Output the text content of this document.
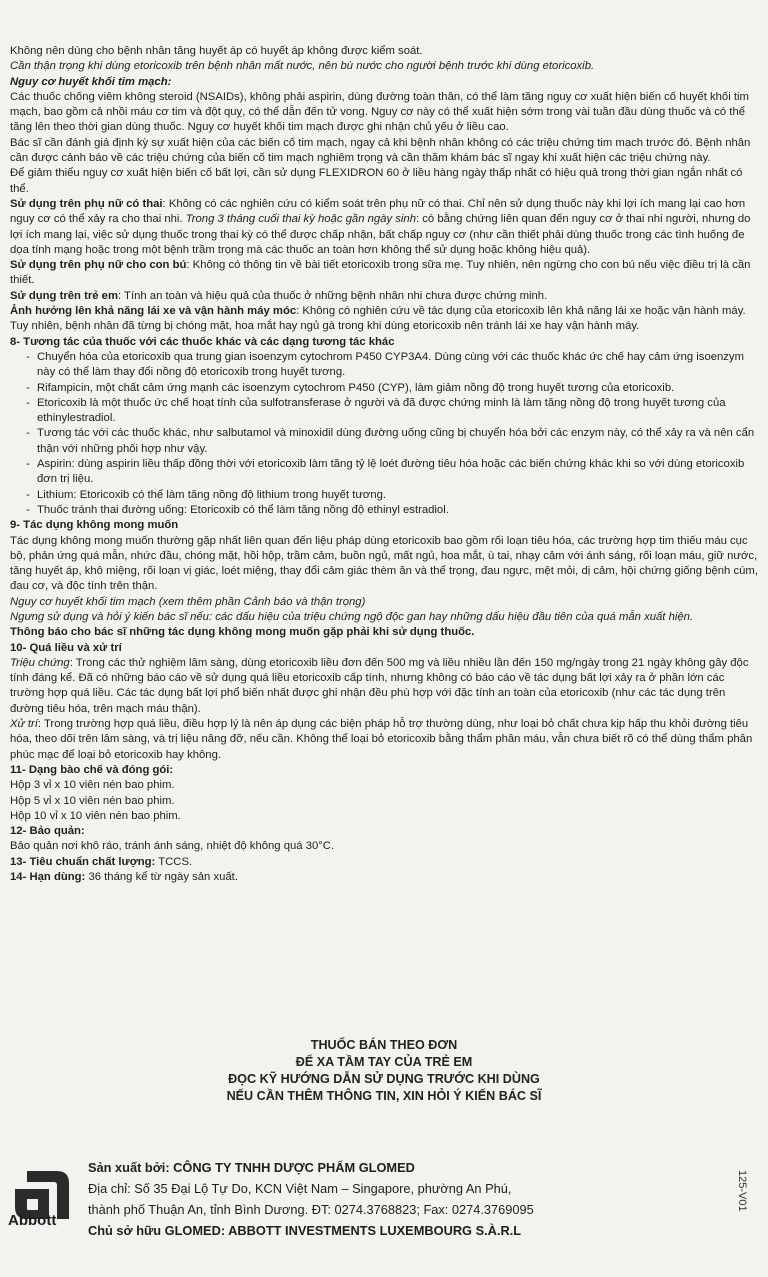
Không nên dùng cho bệnh nhân tăng huyết áp có huyết áp không được kiểm soát.

Cần thận trọng khi dùng etoricoxib trên bệnh nhân mất nước, nên bù nước cho người bệnh trước khi dùng etoricoxib.

Nguy cơ huyết khối tim mạch:

Các thuốc chống viêm không steroid (NSAIDs), không phải aspirin, dùng đường toàn thân, có thể làm tăng nguy cơ xuất hiện biến cố huyết khối tim mạch, bao gồm cả nhồi máu cơ tim và đột quỵ, có thể dẫn đến tử vong. Nguy cơ này có thể xuất hiện sớm trong vài tuần đầu dùng thuốc và có thể tăng lên theo thời gian dùng thuốc. Nguy cơ huyết khối tim mạch được ghi nhận chủ yếu ở liều cao.

Bác sĩ cần đánh giá định kỳ sự xuất hiện của các biến cố tim mạch, ngay cả khi bệnh nhân không có các triệu chứng tim mạch trước đó. Bệnh nhân cần được cảnh báo về các triệu chứng của biến cố tim mạch nghiêm trọng và cần thăm khám bác sĩ ngay khi xuất hiện các triệu chứng này.

Để giảm thiểu nguy cơ xuất hiện biến cố bất lợi, cần sử dụng FLEXIDRON 60 ở liều hàng ngày thấp nhất có hiệu quả trong thời gian ngắn nhất có thể.

Sử dụng trên phụ nữ có thai: Không có các nghiên cứu có kiểm soát trên phụ nữ có thai. Chỉ nên sử dụng thuốc này khi lợi ích mang lại cao hơn nguy cơ có thể xảy ra cho thai nhi. Trong 3 tháng cuối thai kỳ hoặc gần ngày sinh: có bằng chứng liên quan đến nguy cơ ở thai nhi người, nhưng do lợi ích mang lại, việc sử dụng thuốc trong thai kỳ có thể được chấp nhận, bất chấp nguy cơ (như cần thiết phải dùng thuốc trong các tình huống đe dọa tính mạng hoặc trong một bệnh trầm trọng mà các thuốc an toàn hơn không thể sử dụng hoặc không hiệu quả).

Sử dụng trên phụ nữ cho con bú: Không có thông tin về bài tiết etoricoxib trong sữa mẹ. Tuy nhiên, nên ngừng cho con bú nếu việc điều trị là cần thiết.

Sử dụng trên trẻ em: Tính an toàn và hiệu quả của thuốc ở những bệnh nhân nhi chưa được chứng minh.

Ảnh hưởng lên khả năng lái xe và vận hành máy móc: Không có nghiên cứu về tác dụng của etoricoxib lên khả năng lái xe hoặc vận hành máy. Tuy nhiên, bệnh nhân đã từng bị chóng mặt, hoa mắt hay ngủ gà trong khi dùng etoricoxib nên tránh lái xe hay vận hành máy.

8- Tương tác của thuốc với các thuốc khác và các dạng tương tác khác

- Chuyển hóa của etoricoxib qua trung gian isoenzym cytochrom P450 CYP3A4. Dùng cùng với các thuốc khác ức chế hay cảm ứng isoenzym này có thể làm thay đổi nồng độ etoricoxib trong huyết tương.
- Rifampicin, một chất cảm ứng mạnh các isoenzym cytochrom P450 (CYP), làm giảm nồng độ trong huyết tương của etoricoxib.
- Etoricoxib là một thuốc ức chế hoạt tính của sulfotransferase ở người và đã được chứng minh là làm tăng nồng độ trong huyết tương của ethinylestradiol.
- Tương tác với các thuốc khác, như salbutamol và minoxidil dùng đường uống cũng bị chuyển hóa bởi các enzym này, có thể xảy ra và nên cẩn thận với những phối hợp như vậy.
- Aspirin: dùng aspirin liều thấp đồng thời với etoricoxib làm tăng tỷ lệ loét đường tiêu hóa hoặc các biến chứng khác khi so với dùng etoricoxib đơn trị liệu.
- Lithium: Etoricoxib có thể làm tăng nồng độ lithium trong huyết tương.
- Thuốc tránh thai đường uống: Etoricoxib có thể làm tăng nồng độ ethinyl estradiol.

9- Tác dụng không mong muốn

Tác dụng không mong muốn thường gặp nhất liên quan đến liệu pháp dùng etoricoxib bao gồm rối loạn tiêu hóa, các trường hợp tim thiếu máu cục bộ, phản ứng quá mẫn, nhức đầu, chóng mặt, hồi hộp, trầm cảm, buồn ngủ, mất ngủ, hoa mắt, ù tai, nhạy cảm với ánh sáng, rối loạn máu, giữ nước, tăng huyết áp, khô miệng, rối loạn vị giác, loét miệng, thay đổi cảm giác thèm ăn và thể trọng, đau ngực, mệt mỏi, dị cảm, hội chứng giống bệnh cúm, đau cơ, và độc tính trên thận.

Nguy cơ huyết khối tim mạch (xem thêm phần Cảnh báo và thận trọng)

Ngưng sử dụng và hỏi ý kiến bác sĩ nếu: các dấu hiệu của triệu chứng ngộ độc gan hay những dấu hiệu đầu tiên của quá mẫn xuất hiện.

Thông báo cho bác sĩ những tác dụng không mong muốn gặp phải khi sử dụng thuốc.

10- Quá liều và xử trí

Triệu chứng: Trong các thử nghiệm lâm sàng, dùng etoricoxib liều đơn đến 500 mg và liều nhiều lần đến 150 mg/ngày trong 21 ngày không gây độc tính đáng kể. Đã có những báo cáo về sử dụng quá liều etoricoxib cấp tính, nhưng không có báo cáo về tác dụng bất lợi xảy ra ở phần lớn các trường hợp quá liều. Các tác dụng bất lợi phổ biến nhất được ghi nhận đều phù hợp với đặc tính an toàn của etoricoxib (như các tác dụng trên đường tiêu hóa, trên mạch máu thận).

Xử trí: Trong trường hợp quá liều, điều hợp lý là nên áp dụng các biện pháp hỗ trợ thường dùng, như loại bỏ chất chưa kịp hấp thu khỏi đường tiêu hóa, theo dõi trên lâm sàng, và trị liệu nâng đỡ, nếu cần. Không thể loại bỏ etoricoxib bằng thẩm phân máu, vẫn chưa biết rõ có thể dùng thẩm phân phúc mạc để loại bỏ etoricoxib hay không.

11- Dạng bào chế và đóng gói:

Hộp 3 vỉ x 10 viên nén bao phim.

Hộp 5 vỉ x 10 viên nén bao phim.

Hộp 10 vỉ x 10 viên nén bao phim.

12- Bảo quản:

Bảo quản nơi khô ráo, tránh ánh sáng, nhiệt độ không quá 30°C.

13- Tiêu chuẩn chất lượng: TCCS.

14- Hạn dùng: 36 tháng kể từ ngày sản xuất.

THUỐC BÁN THEO ĐƠN
ĐỂ XA TẦM TAY CỦA TRẺ EM
ĐỌC KỸ HƯỚNG DẪN SỬ DỤNG TRƯỚC KHI DÙNG
NẾU CẦN THÊM THÔNG TIN, XIN HỎI Ý KIẾN BÁC SĨ
Abbott
Sản xuất bởi: CÔNG TY TNHH DƯỢC PHẨM GLOMED
Địa chỉ: Số 35 Đại Lộ Tự Do, KCN Việt Nam – Singapore, phường An Phú,
thành phố Thuận An, tỉnh Bình Dương. ĐT: 0274.3768823; Fax: 0274.3769095
Chủ sở hữu GLOMED: ABBOTT INVESTMENTS LUXEMBOURG S.À.R.L
125-V01
